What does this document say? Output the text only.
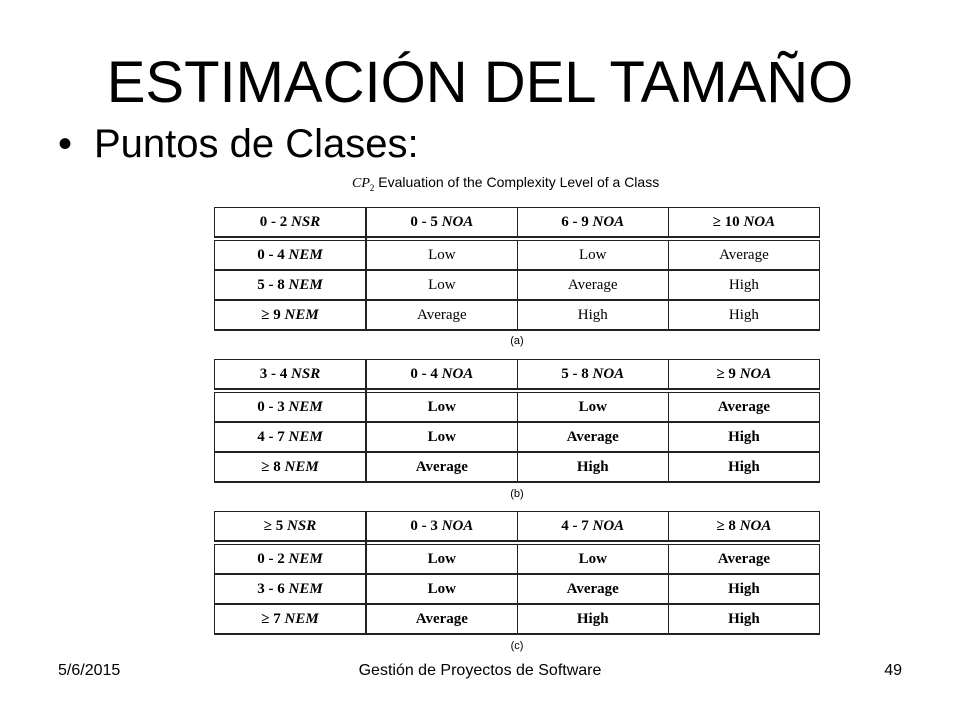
ESTIMACIÓN DEL TAMAÑO
• Puntos de Clases:
$CP_2$ Evaluation of the Complexity Level of a Class
0 - 2 NSR	0 - 5 NOA	6 - 9 NOA	≥ 10 NOA

0 - 4 NEM	Low	Low	Average
5 - 8 NEM	Low	Average	High
≥ 9 NEM	Average	High	High
(a)
3 - 4 NSR	0 - 4 NOA	5 - 8 NOA	≥ 9 NOA

0 - 3 NEM	Low	Low	Average
4 - 7 NEM	Low	Average	High
≥ 8 NEM	Average	High	High
(b)
≥ 5 NSR	0 - 3 NOA	4 - 7 NOA	≥ 8 NOA

0 - 2 NEM	Low	Low	Average
3 - 6 NEM	Low	Average	High
≥ 7 NEM	Average	High	High
(c)
5/6/2015	Gestión de Proyectos de Software	49
